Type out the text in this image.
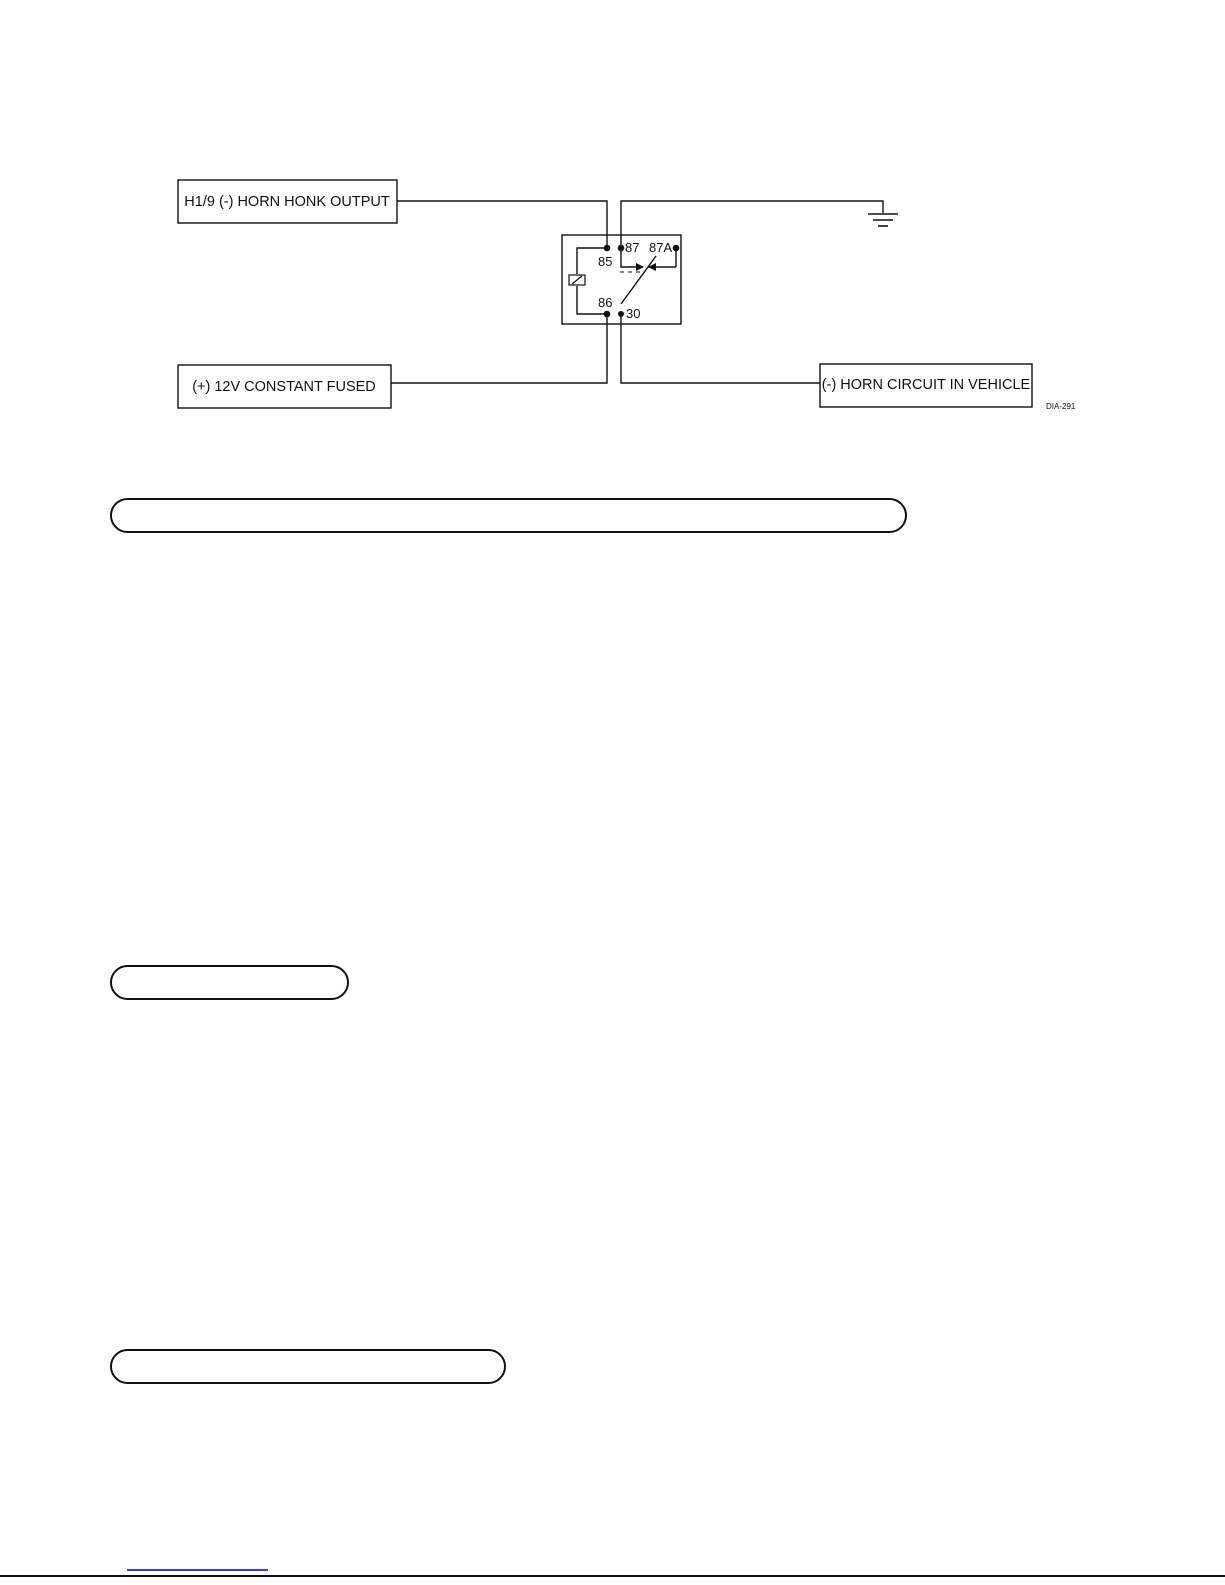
H1/9 (-) HORN HONK OUTPUT
(+) 12V CONSTANT FUSED	(-) HORN CIRCUIT IN VEHICLE
DIA-291
85
87 87A
86
30
